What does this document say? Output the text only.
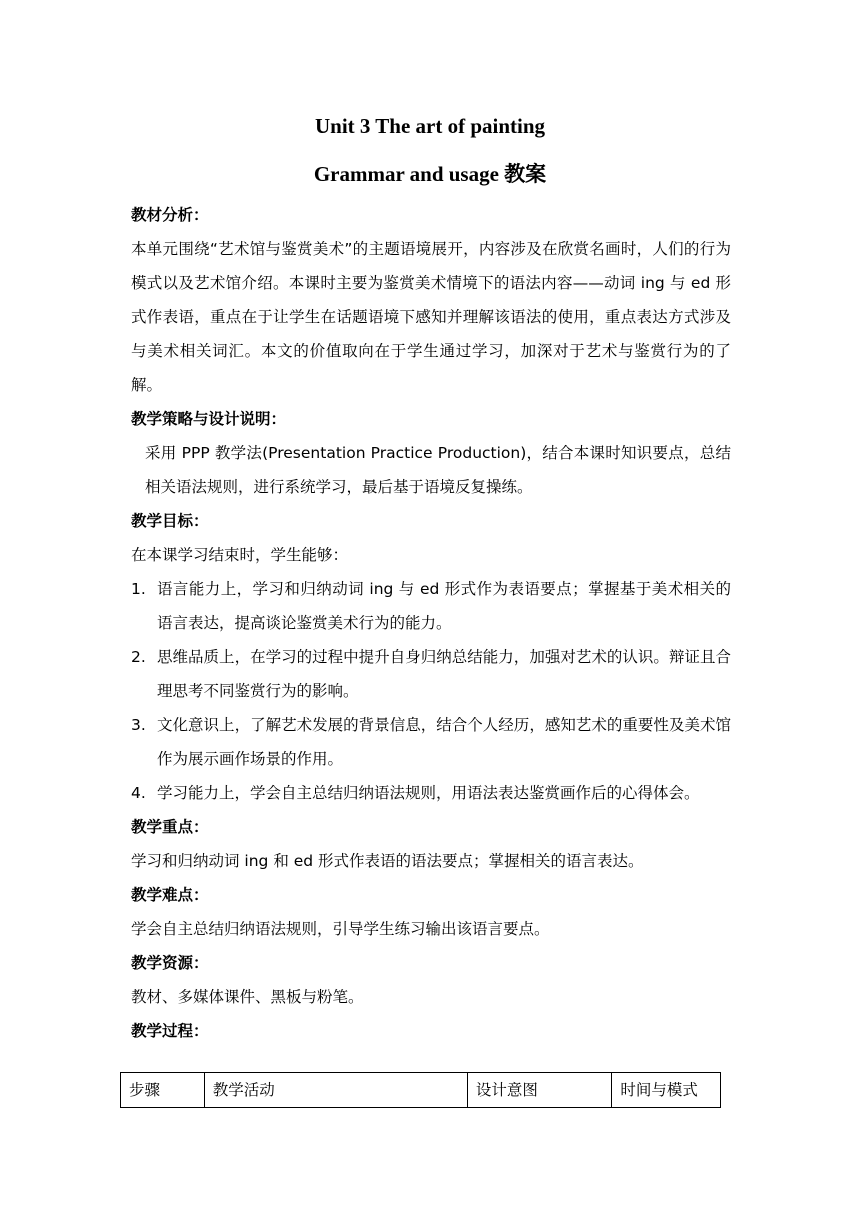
Unit 3 The art of painting
Grammar and usage 教案
教材分析：

本单元围绕“艺术馆与鉴赏美术”的主题语境展开，内容涉及在欣赏名画时，人们的行为模式以及艺术馆介绍。本课时主要为鉴赏美术情境下的语法内容——动词 ing 与 ed 形式作表语，重点在于让学生在话题语境下感知并理解该语法的使用，重点表达方式涉及与美术相关词汇。本文的价值取向在于学生通过学习，加深对于艺术与鉴赏行为的了解。

教学策略与设计说明：

采用 PPP 教学法(Presentation Practice Production)，结合本课时知识要点，总结相关语法规则，进行系统学习，最后基于语境反复操练。

教学目标：

在本课学习结束时，学生能够：

1. 语言能力上，学习和归纳动词 ing 与 ed 形式作为表语要点；掌握基于美术相关的语言表达，提高谈论鉴赏美术行为的能力。
2. 思维品质上，在学习的过程中提升自身归纳总结能力，加强对艺术的认识。辩证且合理思考不同鉴赏行为的影响。
3. 文化意识上，了解艺术发展的背景信息，结合个人经历，感知艺术的重要性及美术馆作为展示画作场景的作用。
4. 学习能力上，学会自主总结归纳语法规则，用语法表达鉴赏画作后的心得体会。
教学重点：

学习和归纳动词 ing 和 ed 形式作表语的语法要点；掌握相关的语言表达。

教学难点：

学会自主总结归纳语法规则，引导学生练习输出该语言要点。

教学资源：

教材、多媒体课件、黑板与粉笔。

教学过程：
步骤	教学活动	设计意图	时间与模式
